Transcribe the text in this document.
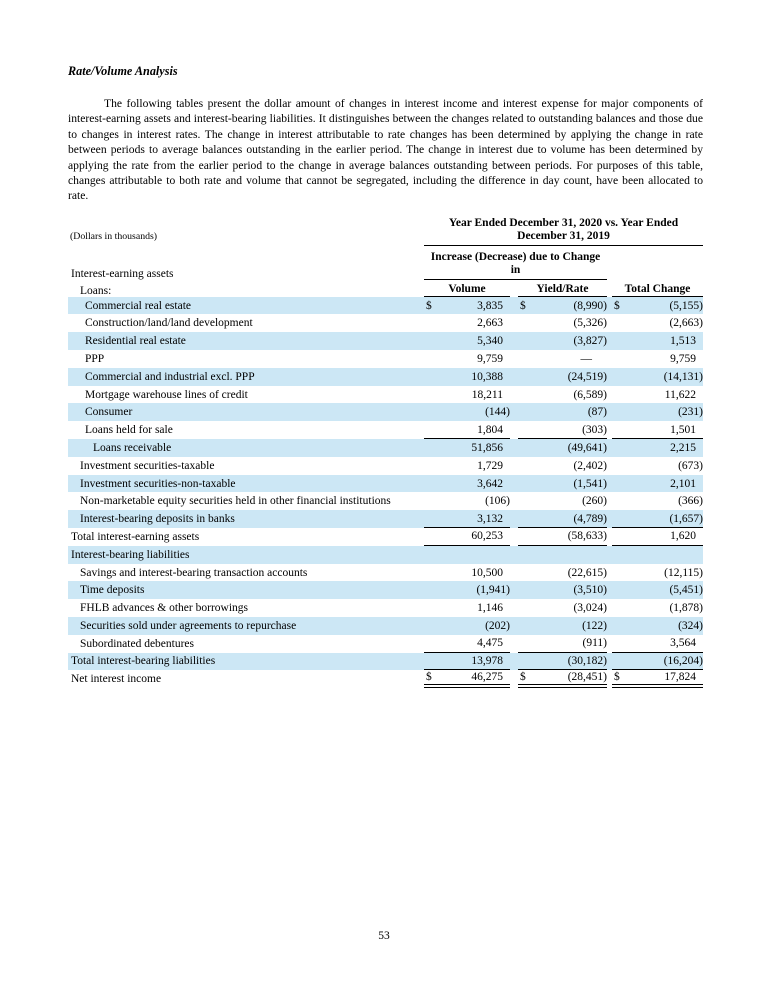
Rate/Volume Analysis
The following tables present the dollar amount of changes in interest income and interest expense for major components of interest-earning assets and interest-bearing liabilities. It distinguishes between the changes related to outstanding balances and those due to changes in interest rates. The change in interest attributable to rate changes has been determined by applying the change in rate between periods to average balances outstanding in the earlier period. The change in interest due to volume has been determined by applying the rate from the earlier period to the change in average balances outstanding between periods. For purposes of this table, changes attributable to both rate and volume that cannot be segregated, including the difference in day count, have been allocated to rate.
(Dollars in thousands)
Year Ended December 31, 2020 vs. Year Ended
December 31, 2019
Interest-earning assets
Increase (Decrease) due to Change
in
Loans:	Volume	Yield/Rate	Total Change
Commercial real estate	$	3,835	$	(8,990) $	(5,155)
Construction/land/land development	2,663	(5,326)	(2,663)
Residential real estate	5,340	(3,827)	1,513
PPP	9,759	—	9,759
Commercial and industrial excl. PPP	10,388	(24,519)	(14,131)
Mortgage warehouse lines of credit	18,211	(6,589)	11,622
Consumer	(144)	(87)	(231)
Loans held for sale	1,804	(303)	1,501
Loans receivable	51,856	(49,641)	2,215
Investment securities-taxable	1,729	(2,402)	(673)
Investment securities-non-taxable	3,642	(1,541)	2,101
Non-marketable equity securities held in other financial institutions	(106)	(260)	(366)
Interest-bearing deposits in banks	3,132	(4,789)	(1,657)
Total interest-earning assets	60,253	(58,633)	1,620
Interest-bearing liabilities
Savings and interest-bearing transaction accounts	10,500	(22,615)	(12,115)
Time deposits	(1,941)	(3,510)	(5,451)
FHLB advances & other borrowings	1,146	(3,024)	(1,878)
Securities sold under agreements to repurchase	(202)	(122)	(324)
Subordinated debentures	4,475	(911)	3,564
Total interest-bearing liabilities	13,978	(30,182)	(16,204)
Net interest income	$	46,275	$	(28,451) $	17,824
53
